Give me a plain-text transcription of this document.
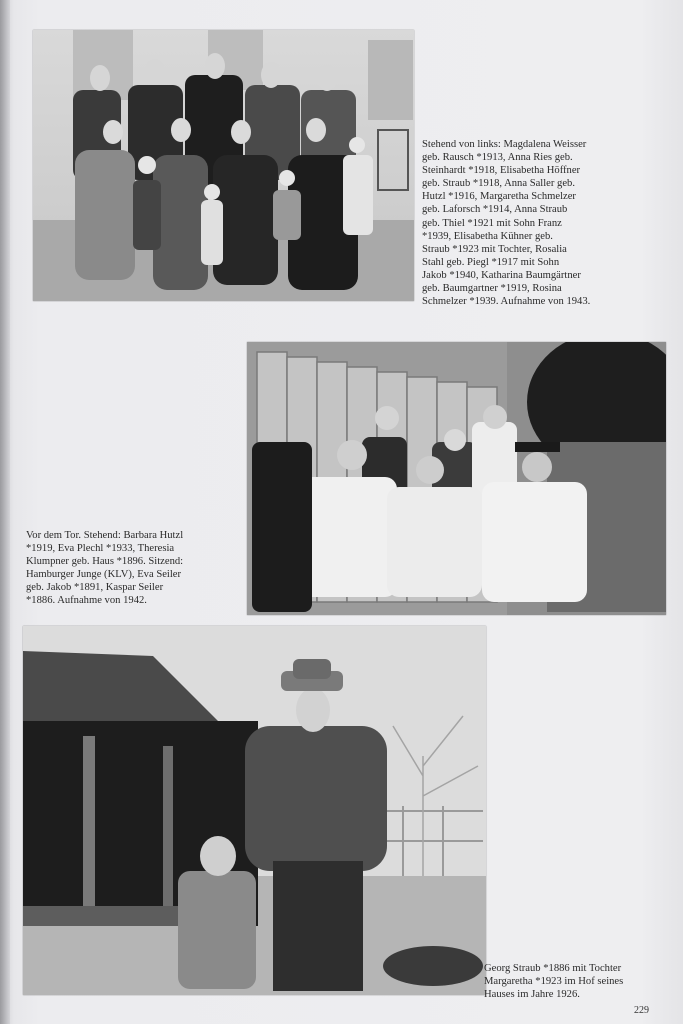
Stehend von links: Magdalena Weisser
geb. Rausch *1913, Anna Ries geb.
Steinhardt *1918, Elisabetha Höffner
geb. Straub *1918, Anna Saller geb.
Hutzl *1916, Margaretha Schmelzer
geb. Laforsch *1914, Anna Straub
geb. Thiel *1921 mit Sohn Franz
*1939, Elisabetha Kühner geb.
Straub *1923 mit Tochter, Rosalia
Stahl geb. Piegl *1917 mit Sohn
Jakob *1940, Katharina Baumgärtner
geb. Baumgartner *1919, Rosina
Schmelzer *1939. Aufnahme von 1943.
Vor dem Tor. Stehend: Barbara Hutzl
*1919, Eva Plechl *1933, Theresia
Klumpner geb. Haus *1896. Sitzend:
Hamburger Junge (KLV), Eva Seiler
geb. Jakob *1891, Kaspar Seiler
*1886. Aufnahme von 1942.
Georg Straub *1886 mit Tochter
Margaretha *1923 im Hof seines
Hauses im Jahre 1926.
229
